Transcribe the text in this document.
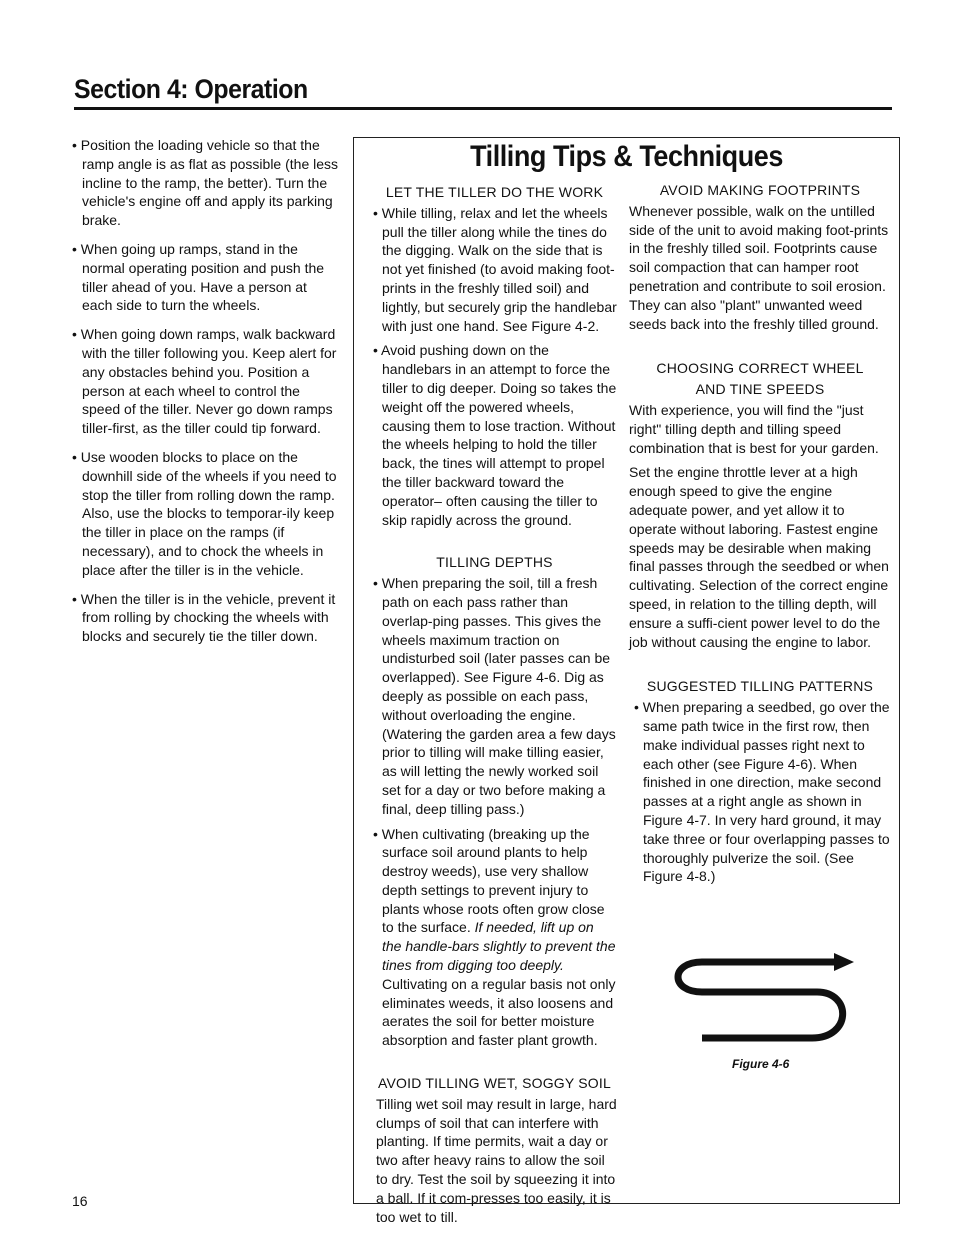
Section 4: Operation

• Position the loading vehicle so that the ramp angle is as flat as possible (the less incline to the ramp, the better). Turn the vehicle's engine off and apply its parking brake.

• When going up ramps, stand in the normal operating position and push the tiller ahead of you. Have a person at each side to turn the wheels.

• When going down ramps, walk backward with the tiller following you. Keep alert for any obstacles behind you. Position a person at each wheel to control the speed of the tiller. Never go down ramps tiller-first, as the tiller could tip forward.

• Use wooden blocks to place on the downhill side of the wheels if you need to stop the tiller from rolling down the ramp. Also, use the blocks to temporar-ily keep the tiller in place on the ramps (if necessary), and to chock the wheels in place after the tiller is in the vehicle.

• When the tiller is in the vehicle, prevent it from rolling by chocking the wheels with blocks and securely tie the tiller down.

Tilling Tips & Techniques
LET THE TILLER DO THE WORK

• While tilling, relax and let the wheels pull the tiller along while the tines do the digging. Walk on the side that is not yet finished (to avoid making foot-prints in the freshly tilled soil) and lightly, but securely grip the handlebar with just one hand. See Figure 4-2.

• Avoid pushing down on the handlebars in an attempt to force the tiller to dig deeper. Doing so takes the weight off the powered wheels, causing them to lose traction. Without the wheels helping to hold the tiller back, the tines will attempt to propel the tiller backward toward the operator– often causing the tiller to skip rapidly across the ground.

TILLING DEPTHS

• When preparing the soil, till a fresh path on each pass rather than overlap-ping passes. This gives the wheels maximum traction on undisturbed soil (later passes can be overlapped). See Figure 4-6. Dig as deeply as possible on each pass, without overloading the engine. (Watering the garden area a few days prior to tilling will make tilling easier, as will letting the newly worked soil set for a day or two before making a final, deep tilling pass.)

• When cultivating (breaking up the surface soil around plants to help destroy weeds), use very shallow depth settings to prevent injury to plants whose roots often grow close to the surface. If needed, lift up on the handle-bars slightly to prevent the tines from digging too deeply. Cultivating on a regular basis not only eliminates weeds, it also loosens and aerates the soil for better moisture absorption and faster plant growth.

AVOID TILLING WET, SOGGY SOIL

Tilling wet soil may result in large, hard clumps of soil that can interfere with planting. If time permits, wait a day or two after heavy rains to allow the soil to dry. Test the soil by squeezing it into a ball. If it com-presses too easily, it is too wet to till.

AVOID MAKING FOOTPRINTS

Whenever possible, walk on the untilled side of the unit to avoid making foot-prints in the freshly tilled soil. Footprints cause soil compaction that can hamper root penetration and contribute to soil erosion. They can also "plant" unwanted weed seeds back into the freshly tilled ground.

CHOOSING CORRECT WHEEL
AND TINE SPEEDS

With experience, you will find the "just right" tilling depth and tilling speed combination that is best for your garden.

Set the engine throttle lever at a high enough speed to give the engine adequate power, and yet allow it to operate without laboring. Fastest engine speeds may be desirable when making final passes through the seedbed or when cultivating. Selection of the correct engine speed, in relation to the tilling depth, will ensure a suffi-cient power level to do the job without causing the engine to labor.

SUGGESTED TILLING PATTERNS

• When preparing a seedbed, go over the same path twice in the first row, then make individual passes right next to each other (see Figure 4-6). When finished in one direction, make second passes at a right angle as shown in Figure 4-7. In very hard ground, it may take three or four overlapping passes to thoroughly pulverize the soil. (See Figure 4-8.)

Figure 4-6
16
